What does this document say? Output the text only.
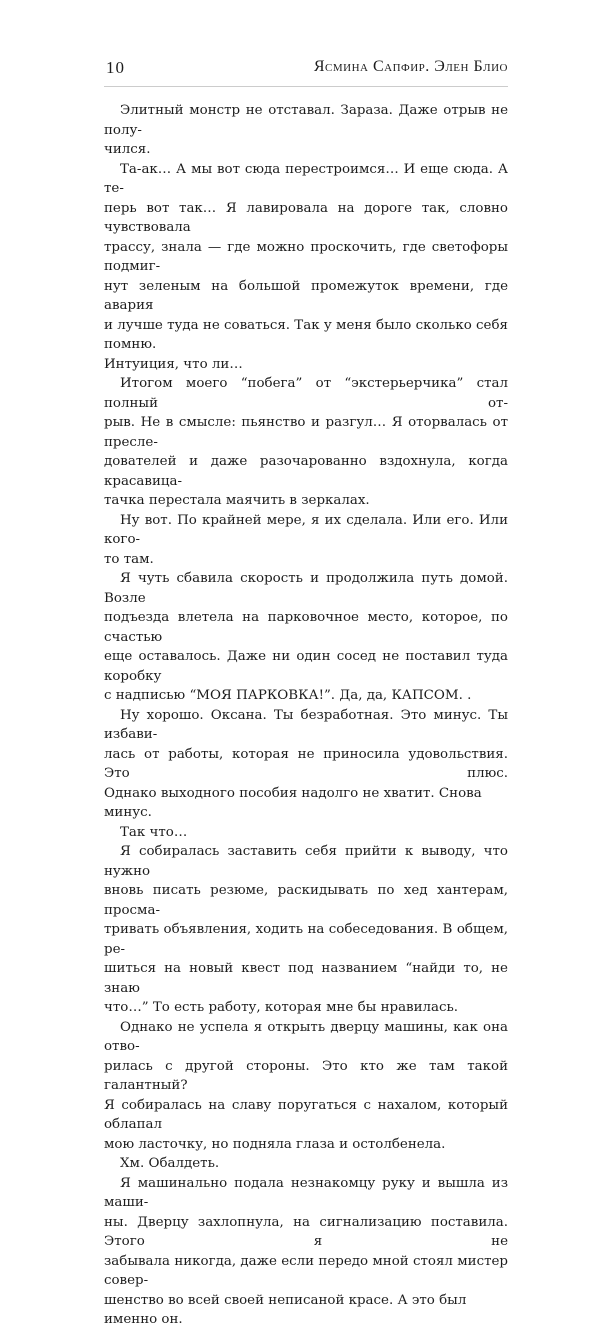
10	Ясмина Сапфир. Элен Блио

Элитный монстр не отставал. Зараза. Даже отрыв не полу-
чился.

Та-ак… А мы вот сюда перестроимся… И еще сюда. А те-
перь вот так… Я лавировала на дороге так, словно чувствовала
трассу, знала — где можно проскочить, где светофоры подмиг-
нут зеленым на большой промежуток времени, где авария
и лучше туда не соваться. Так у меня было сколько себя помню.
Интуиция, что ли…

Итогом моего “побега” от “экстерьерчика” стал полный от-
рыв. Не в смысле: пьянство и разгул… Я оторвалась от пресле-
дователей и даже разочарованно вздохнула, когда красавица-
тачка перестала маячить в зеркалах.

Ну вот. По крайней мере, я их сделала. Или его. Или кого-
то там.

Я чуть сбавила скорость и продолжила путь домой. Возле
подъезда влетела на парковочное место, которое, по счастью
еще оставалось. Даже ни один сосед не поставил туда коробку
с надписью “МОЯ ПАРКОВКА!”. Да, да, КАПСОМ. .

Ну хорошо. Оксана. Ты безработная. Это минус. Ты избави-
лась от работы, которая не приносила удовольствия. Это плюс.
Однако выходного пособия надолго не хватит. Снова минус.

Так что…

Я собиралась заставить себя прийти к выводу, что нужно
вновь писать резюме, раскидывать по хед хантерам, просма-
тривать объявления, ходить на собеседования. В общем, ре-
шиться на новый квест под названием “найди то, не знаю
что…” То есть работу, которая мне бы нравилась.

Однако не успела я открыть дверцу машины, как она отво-
рилась с другой стороны. Это кто же там такой галантный?
Я собиралась на славу поругаться с нахалом, который облапал
мою ласточку, но подняла глаза и остолбенела.

Хм. Обалдеть.

Я машинально подала незнакомцу руку и вышла из маши-
ны. Дверцу захлопнула, на сигнализацию поставила. Этого я не
забывала никогда, даже если передо мной стоял мистер совер-
шенство во всей своей неписаной красе. А это был именно он.
